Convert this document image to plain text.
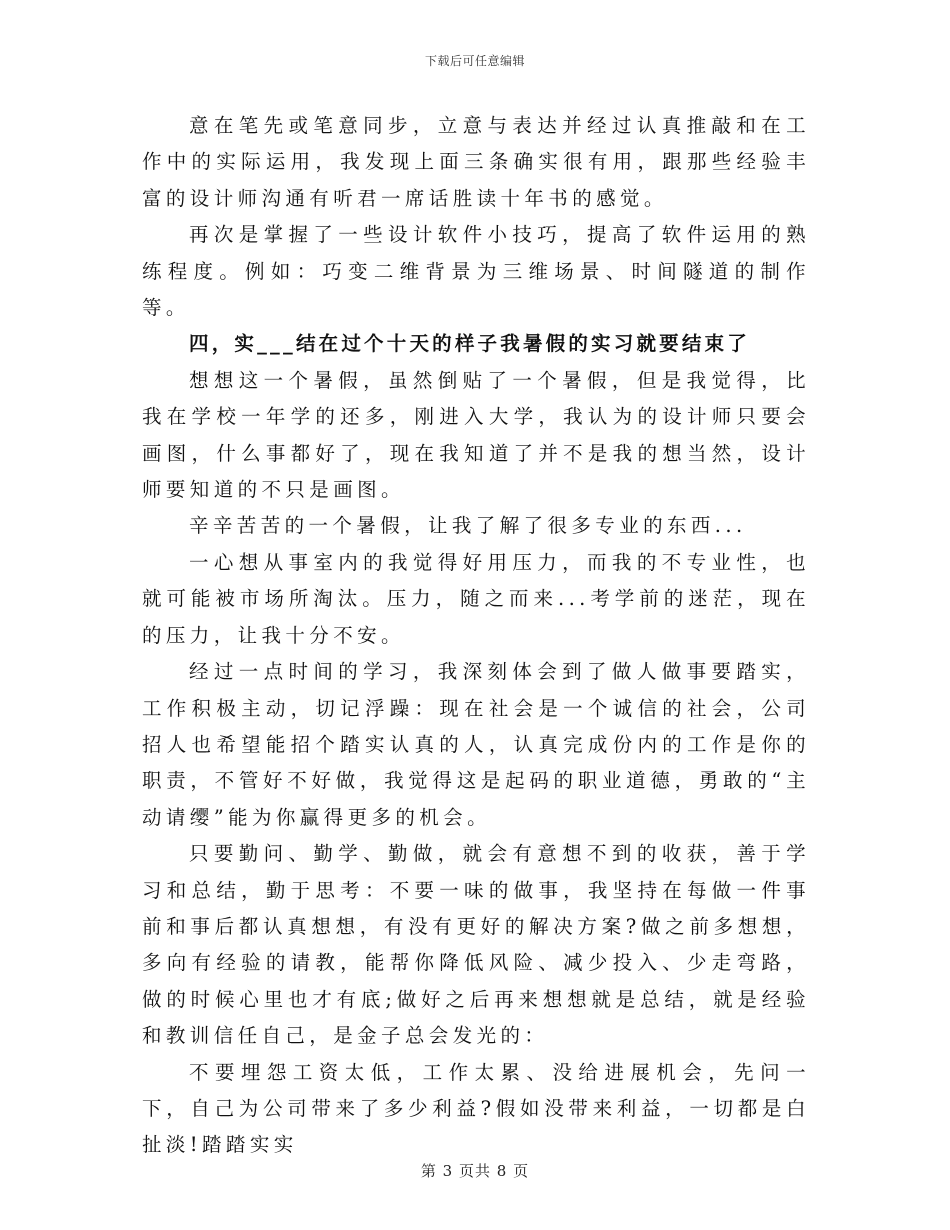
下载后可任意编辑

意在笔先或笔意同步，立意与表达并经过认真推敲和在工作中的实际运用，我发现上面三条确实很有用，跟那些经验丰富的设计师沟通有听君一席话胜读十年书的感觉。

再次是掌握了一些设计软件小技巧，提高了软件运用的熟练程度。例如：巧变二维背景为三维场景、时间隧道的制作等。

四，实___结在过个十天的样子我暑假的实习就要结束了

想想这一个暑假，虽然倒贴了一个暑假，但是我觉得，比我在学校一年学的还多，刚进入大学，我认为的设计师只要会画图，什么事都好了，现在我知道了并不是我的想当然，设计师要知道的不只是画图。

辛辛苦苦的一个暑假，让我了解了很多专业的东西...

一心想从事室内的我觉得好用压力，而我的不专业性，也就可能被市场所淘汰。压力，随之而来...考学前的迷茫，现在的压力，让我十分不安。

经过一点时间的学习，我深刻体会到了做人做事要踏实，工作积极主动，切记浮躁：现在社会是一个诚信的社会，公司招人也希望能招个踏实认真的人，认真完成份内的工作是你的职责，不管好不好做，我觉得这是起码的职业道德，勇敢的“主动请缨”能为你赢得更多的机会。

只要勤问、勤学、勤做，就会有意想不到的收获，善于学习和总结，勤于思考：不要一味的做事，我坚持在每做一件事前和事后都认真想想，有没有更好的解决方案?做之前多想想，多向有经验的请教，能帮你降低风险、减少投入、少走弯路，做的时候心里也才有底;做好之后再来想想就是总结，就是经验和教训信任自己，是金子总会发光的：

不要埋怨工资太低，工作太累、没给进展机会，先问一下，自己为公司带来了多少利益?假如没带来利益，一切都是白扯淡!踏踏实实

第 3 页共 8 页
